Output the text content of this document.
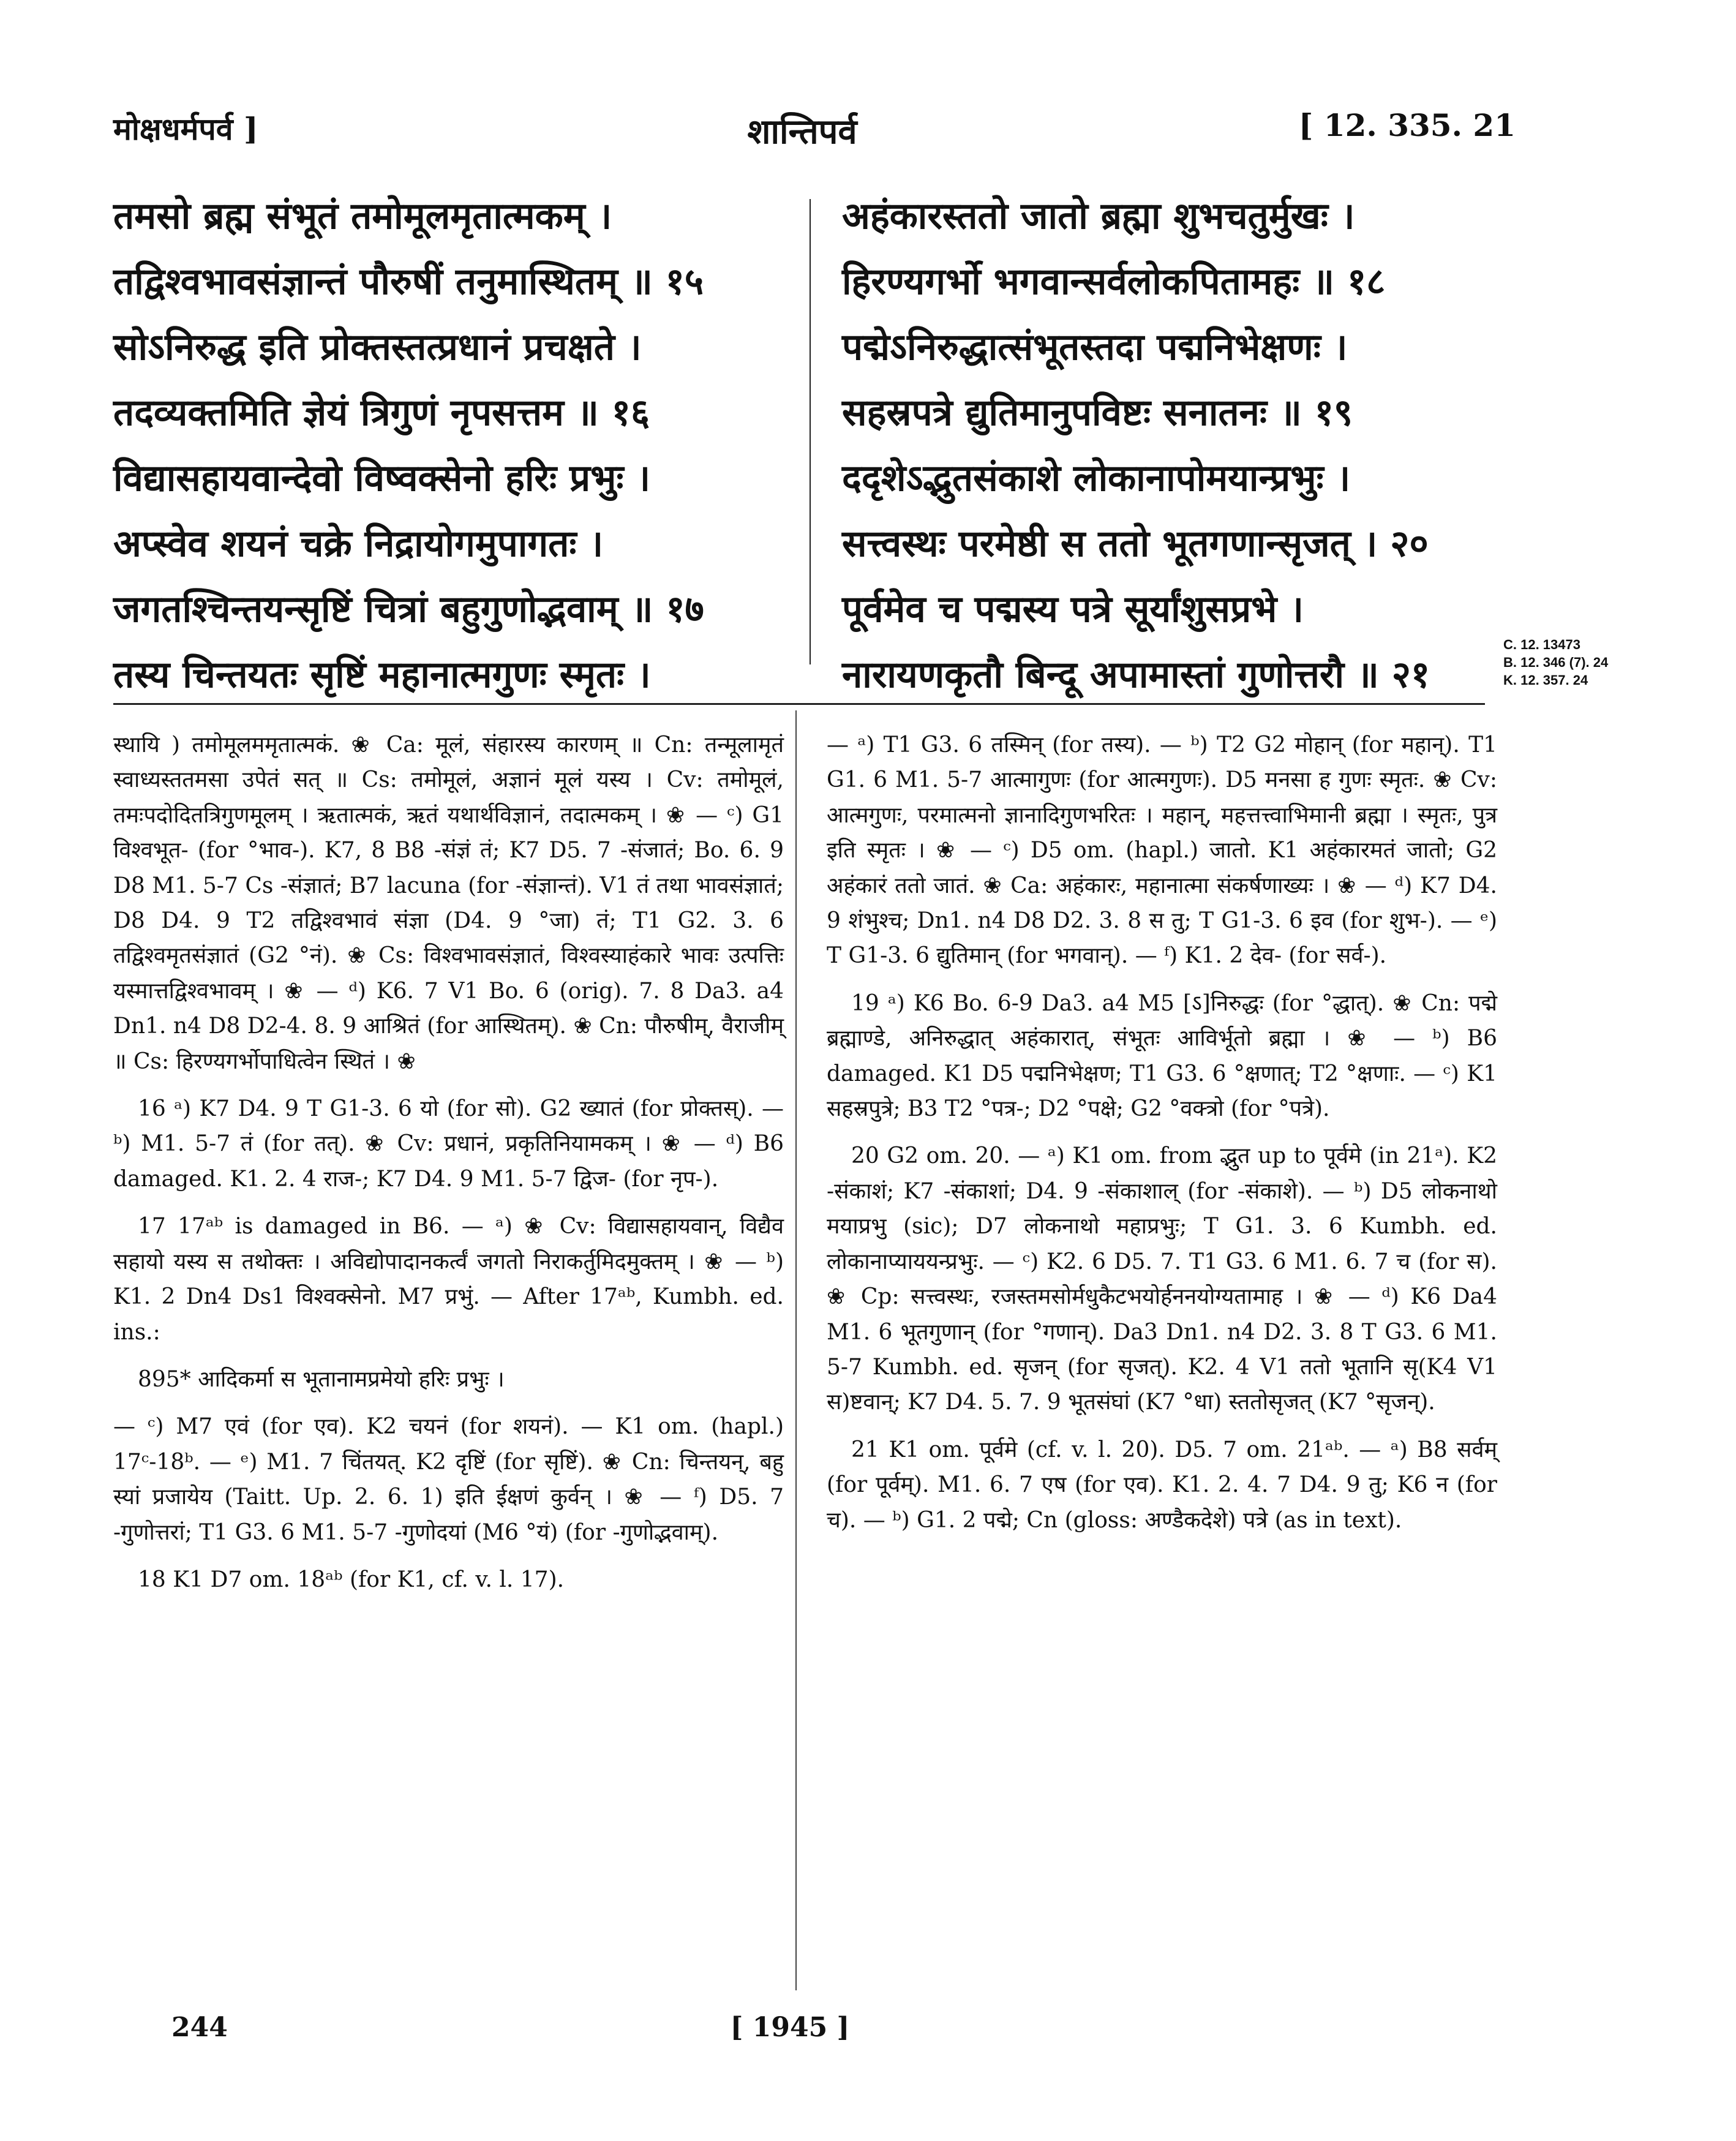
मोक्षधर्मपर्व ]	शान्तिपर्व	[ 12. 335. 21
तमसो ब्रह्म संभूतं तमोमूलमृतात्मकम् ।
तद्विश्वभावसंज्ञान्तं पौरुषीं तनुमास्थितम् ॥ १५
सोऽनिरुद्ध इति प्रोक्तस्तत्प्रधानं प्रचक्षते ।
तदव्यक्तमिति ज्ञेयं त्रिगुणं नृपसत्तम ॥ १६
विद्यासहायवान्देवो विष्वक्सेनो हरिः प्रभुः ।
अप्स्वेव शयनं चक्रे निद्रायोगमुपागतः ।
जगतश्चिन्तयन्सृष्टिं चित्रां बहुगुणोद्भवाम् ॥ १७
तस्य चिन्तयतः सृष्टिं महानात्मगुणः स्मृतः ।
अहंकारस्ततो जातो ब्रह्मा शुभचतुर्मुखः ।
हिरण्यगर्भो भगवान्सर्वलोकपितामहः ॥ १८
पद्मेऽनिरुद्धात्संभूतस्तदा पद्मनिभेक्षणः ।
सहस्रपत्रे द्युतिमानुपविष्टः सनातनः ॥ १९
ददृशेऽद्भुतसंकाशे लोकानापोमयान्प्रभुः ।
सत्त्वस्थः परमेष्ठी स ततो भूतगणान्सृजत् । २०
पूर्वमेव च पद्मस्य पत्रे सूर्यांशुसप्रभे ।
नारायणकृतौ बिन्दू अपामास्तां गुणोत्तरौ ॥ २१
C. 12. 13473
B. 12. 346 (7). 24
K. 12. 357. 24

स्थायि ) तमोमूलममृतात्मकं. ❀ Ca: मूलं, संहारस्य कारणम् ॥ Cn: तन्मूलामृतं स्वाध्यस्ततमसा उपेतं सत् ॥ Cs: तमोमूलं, अज्ञानं मूलं यस्य । Cv: तमोमूलं, तमःपदोदितत्रिगुणमूलम् । ऋतात्मकं, ऋतं यथार्थविज्ञानं, तदात्मकम् । ❀ — ᶜ) G1 विश्वभूत- (for °भाव-). K7, 8 B8 -संज्ञं तं; K7 D5. 7 -संजातं; Bo. 6. 9 D8 M1. 5-7 Cs -संज्ञातं; B7 lacuna (for -संज्ञान्तं). V1 तं तथा भावसंज्ञातं; D8 D4. 9 T2 तद्विश्वभावं संज्ञा (D4. 9 °जा) तं; T1 G2. 3. 6 तद्विश्वमृतसंज्ञातं (G2 °नं). ❀ Cs: विश्वभावसंज्ञातं, विश्वस्याहंकारे भावः उत्पत्तिः यस्मात्तद्विश्वभावम् । ❀ — ᵈ) K6. 7 V1 Bo. 6 (orig). 7. 8 Da3. a4 Dn1. n4 D8 D2-4. 8. 9 आश्रितं (for आस्थितम्). ❀ Cn: पौरुषीम्, वैराजीम् ॥ Cs: हिरण्यगर्भोपाधित्वेन स्थितं । ❀

16 ᵃ) K7 D4. 9 T G1-3. 6 यो (for सो). G2 ख्यातं (for प्रोक्तस्). — ᵇ) M1. 5-7 तं (for तत्). ❀ Cv: प्रधानं, प्रकृतिनियामकम् । ❀ — ᵈ) B6 damaged. K1. 2. 4 राज-; K7 D4. 9 M1. 5-7 द्विज- (for नृप-).

17 17ᵃᵇ is damaged in B6. — ᵃ) ❀ Cv: विद्यासहायवान्, विद्यैव सहायो यस्य स तथोक्तः । अविद्योपादानकर्त्वं जगतो निराकर्तुमिदमुक्तम् । ❀ — ᵇ) K1. 2 Dn4 Ds1 विश्वक्सेनो. M7 प्रभुं. — After 17ᵃᵇ, Kumbh. ed. ins.:

895* आदिकर्मा स भूतानामप्रमेयो हरिः प्रभुः ।

— ᶜ) M7 एवं (for एव). K2 चयनं (for शयनं). — K1 om. (hapl.) 17ᶜ-18ᵇ. — ᵉ) M1. 7 चिंतयत्. K2 दृष्टिं (for सृष्टिं). ❀ Cn: चिन्तयन्, बहु स्यां प्रजायेय (Taitt. Up. 2. 6. 1) इति ईक्षणं कुर्वन् । ❀ — ᶠ) D5. 7 -गुणोत्तरां; T1 G3. 6 M1. 5-7 -गुणोदयां (M6 °यं) (for -गुणोद्भवाम्).

18 K1 D7 om. 18ᵃᵇ (for K1, cf. v. l. 17).

— ᵃ) T1 G3. 6 तस्मिन् (for तस्य). — ᵇ) T2 G2 मोहान् (for महान्). T1 G1. 6 M1. 5-7 आत्मागुणः (for आत्मगुणः). D5 मनसा ह गुणः स्मृतः. ❀ Cv: आत्मगुणः, परमात्मनो ज्ञानादिगुणभरितः । महान्, महत्तत्त्वाभिमानी ब्रह्मा । स्मृतः, पुत्र इति स्मृतः । ❀ — ᶜ) D5 om. (hapl.) जातो. K1 अहंकारमतं जातो; G2 अहंकारं ततो जातं. ❀ Ca: अहंकारः, महानात्मा संकर्षणाख्यः । ❀ — ᵈ) K7 D4. 9 शंभुश्च; Dn1. n4 D8 D2. 3. 8 स तु; T G1-3. 6 इव (for शुभ-). — ᵉ) T G1-3. 6 द्युतिमान् (for भगवान्). — ᶠ) K1. 2 देव- (for सर्व-).

19 ᵃ) K6 Bo. 6-9 Da3. a4 M5 [ऽ]निरुद्धः (for °द्धात्). ❀ Cn: पद्मे ब्रह्माण्डे, अनिरुद्धात् अहंकारात्, संभूतः आविर्भूतो ब्रह्मा । ❀ — ᵇ) B6 damaged. K1 D5 पद्मनिभेक्षण; T1 G3. 6 °क्षणात्; T2 °क्षणाः. — ᶜ) K1 सहस्रपुत्रे; B3 T2 °पत्र-; D2 °पक्षे; G2 °वक्त्रो (for °पत्रे).

20 G2 om. 20. — ᵃ) K1 om. from द्भुत up to पूर्वमे (in 21ᵃ). K2 -संकाशं; K7 -संकाशां; D4. 9 -संकाशाल् (for -संकाशे). — ᵇ) D5 लोकनाथो मयाप्रभु (sic); D7 लोकनाथो महाप्रभुः; T G1. 3. 6 Kumbh. ed. लोकानाप्याययन्प्रभुः. — ᶜ) K2. 6 D5. 7. T1 G3. 6 M1. 6. 7 च (for स). ❀ Cp: सत्त्वस्थः, रजस्तमसोर्मधुकैटभयोर्हननयोग्यतामाह । ❀ — ᵈ) K6 Da4 M1. 6 भूतगुणान् (for °गणान्). Da3 Dn1. n4 D2. 3. 8 T G3. 6 M1. 5-7 Kumbh. ed. सृजन् (for सृजत्). K2. 4 V1 ततो भूतानि सृ(K4 V1 स)ष्टवान्; K7 D4. 5. 7. 9 भूतसंघां (K7 °धा) स्ततोसृजत् (K7 °सृजन्).

21 K1 om. पूर्वमे (cf. v. l. 20). D5. 7 om. 21ᵃᵇ. — ᵃ) B8 सर्वम् (for पूर्वम्). M1. 6. 7 एष (for एव). K1. 2. 4. 7 D4. 9 तु; K6 न (for च). — ᵇ) G1. 2 पद्मे; Cn (gloss: अण्डैकदेशे) पत्रे (as in text).

244	[ 1945 ]
